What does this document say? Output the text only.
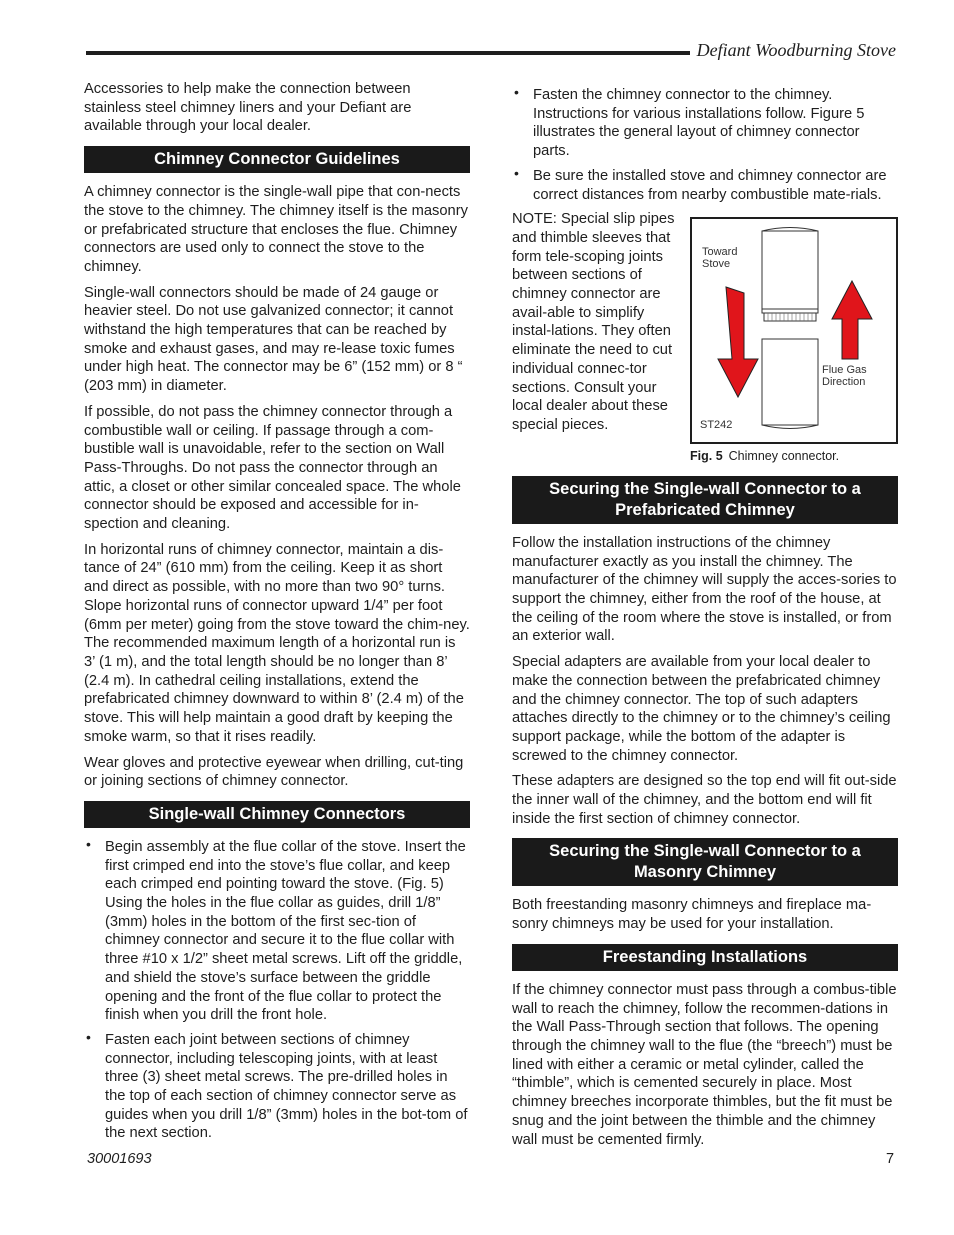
Defiant Woodburning Stove

Accessories to help make the connection between stainless steel chimney liners and your Defiant are available through your local dealer.

Chimney Connector Guidelines

A chimney connector is the single-wall pipe that con-nects the stove to the chimney. The chimney itself is the masonry or prefabricated structure that encloses the flue. Chimney connectors are used only to connect the stove to the chimney.

Single-wall connectors should be made of 24 gauge or heavier steel. Do not use galvanized connector; it cannot withstand the high temperatures that can be reached by smoke and exhaust gases, and may re-lease toxic fumes under high heat. The connector may be 6” (152 mm) or 8 “ (203 mm) in diameter.

If possible, do not pass the chimney connector through a combustible wall or ceiling. If passage through a com-bustible wall is unavoidable, refer to the section on Wall Pass-Throughs. Do not pass the connector through an attic, a closet or other similar concealed space. The whole connector should be exposed and accessible for in-spection and cleaning.

In horizontal runs of chimney connector, maintain a dis-tance of 24” (610 mm) from the ceiling. Keep it as short and direct as possible, with no more than two 90° turns. Slope horizontal runs of connector upward 1/4” per foot (6mm per meter) going from the stove toward the chim-ney. The recommended maximum length of a horizontal run is 3’ (1 m), and the total length should be no longer than 8’ (2.4 m). In cathedral ceiling installations, extend the prefabricated chimney downward to within 8’ (2.4 m) of the stove. This will help maintain a good draft by keeping the smoke warm, so that it rises readily.

Wear gloves and protective eyewear when drilling, cut-ting or joining sections of chimney connector.

Single-wall Chimney Connectors
• Begin assembly at the flue collar of the stove. Insert the first crimped end into the stove’s flue collar, and keep each crimped end pointing toward the stove. (Fig. 5) Using the holes in the flue collar as guides, drill 1/8” (3mm) holes in the bottom of the first sec-tion of chimney connector and secure it to the flue collar with three #10 x 1/2” sheet metal screws. Lift off the griddle, and shield the stove’s surface between the griddle opening and the front of the flue collar to protect the finish when you drill the front hole.
• Fasten each joint between sections of chimney connector, including telescoping joints, with at least three (3) sheet metal screws. The pre-drilled holes in the top of each section of chimney connector serve as guides when you drill 1/8” (3mm) holes in the bot-tom of the next section.
• Fasten the chimney connector to the chimney. Instructions for various installations follow. Figure 5 illustrates the general layout of chimney connector parts.
• Be sure the installed stove and chimney connector are correct distances from nearby combustible mate-rials.

NOTE: Special slip pipes and thimble sleeves that form tele-scoping joints between sections of chimney connector are avail-able to simplify instal-lations. They often eliminate the need to cut individual connec-tor sections. Consult your local dealer about these special pieces.

Toward Stove
Flue Gas Direction
ST242
Fig. 5 Chimney connector.
Securing the Single-wall Connector to a Prefabricated Chimney

Follow the installation instructions of the chimney manufacturer exactly as you install the chimney. The manufacturer of the chimney will supply the acces-sories to support the chimney, either from the roof of the house, at the ceiling of the room where the stove is installed, or from an exterior wall.

Special adapters are available from your local dealer to make the connection between the prefabricated chimney and the chimney connector. The top of such adapters attaches directly to the chimney or to the chimney’s ceiling support package, while the bottom of the adapter is screwed to the chimney connector.

These adapters are designed so the top end will fit out-side the inner wall of the chimney, and the bottom end will fit inside the first section of chimney connector.

Securing the Single-wall Connector to a Masonry Chimney

Both freestanding masonry chimneys and fireplace ma-sonry chimneys may be used for your installation.

Freestanding Installations

If the chimney connector must pass through a combus-tible wall to reach the chimney, follow the recommen-dations in the Wall Pass-Through section that follows. The opening through the chimney wall to the flue (the “breech”) must be lined with either a ceramic or metal cylinder, called the “thimble”, which is cemented securely in place. Most chimney breeches incorporate thimbles, but the fit must be snug and the joint between the thimble and the chimney wall must be cemented firmly.

30001693	7
